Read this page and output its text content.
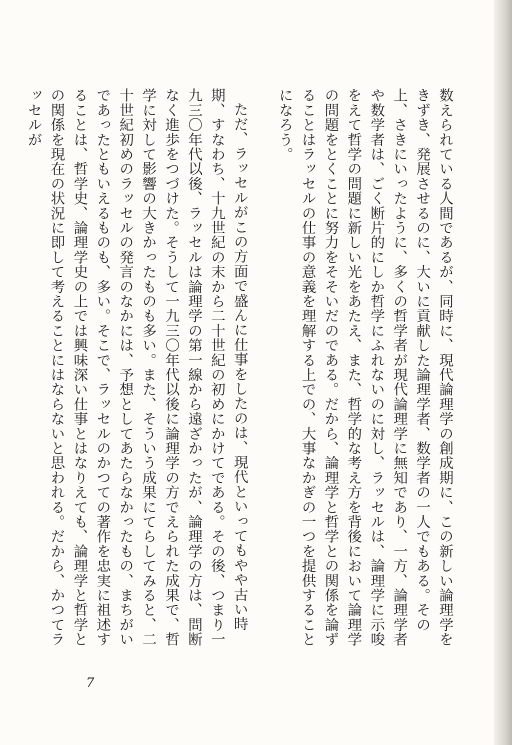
数えられている人間であるが、同時に、現代論理学の創成期に、この新しい論理学をきずき、発展させるのに、大いに貢献した論理学者、数学者の一人でもある。その上、さきにいったように、多くの哲学者が現代論理学に無知であり、一方、論理学者や数学者は、ごく断片的にしか哲学にふれないのに対し、ラッセルは、論理学に示唆をえて哲学の問題に新しい光をあたえ、また、哲学的な考え方を背後において論理学の問題をとくことに努力をそそいだのである。だから、論理学と哲学との関係を論ずることはラッセルの仕事の意義を理解する上での、大事なかぎの一つを提供することになろう。

ただ、ラッセルがこの方面で盛んに仕事をしたのは、現代といってもやや古い時期、すなわち、十九世紀の末から二十世紀の初めにかけてである。その後、つまり一九三〇年代以後、ラッセルは論理学の第一線から遠ざかったが、論理学の方は、問断なく進歩をつづけた。そうして一九三〇年代以後に論理学の方でえられた成果で、哲学に対して影響の大きかったものも多い。また、そういう成果にてらしてみると、二十世紀初めのラッセルの発言のなかには、予想としてあたらなかったもの、まちがいであったともいえるものも、多い。そこで、ラッセルのかつての著作を忠実に祖述することは、哲学史、論理学史の上では興味深い仕事とはなりえても、論理学と哲学との関係を現在の状況に即して考えることにはならないと思われる。だから、かつてラッセルが

7
